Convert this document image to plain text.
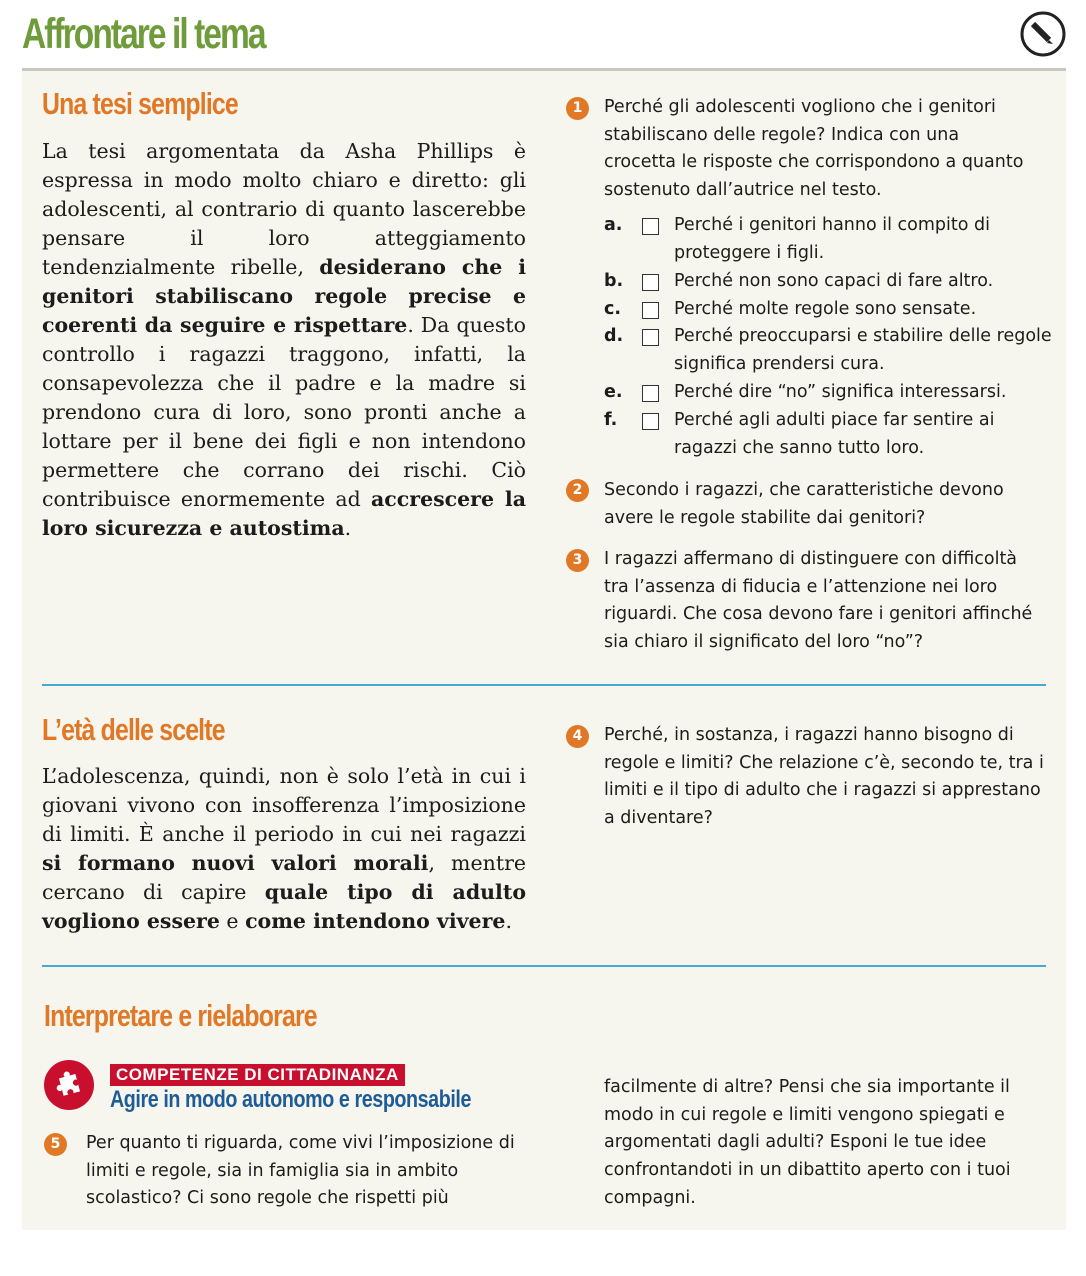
Affrontare il tema
Una tesi semplice

La tesi argomentata da Asha Phillips è espressa in modo molto chiaro e diretto: gli adolescenti, al contrario di quanto lascerebbe pensare il loro atteggiamento tendenzialmente ribelle, desiderano che i genitori stabiliscano regole precise e coerenti da seguire e rispettare. Da questo controllo i ragazzi traggono, infatti, la consapevolezza che il padre e la madre si prendono cura di loro, sono pronti anche a lottare per il bene dei figli e non intendono permettere che corrano dei rischi. Ciò contribuisce enormemente ad accrescere la loro sicurezza e autostima.

1	Perché gli adolescenti vogliono che i genitori stabiliscano delle regole? Indica con una crocetta le risposte che corrispondono a quanto sostenuto dall’autrice nel testo.

a.	Perché i genitori hanno il compito di proteggere i figli.
b.	Perché non sono capaci di fare altro.
c.	Perché molte regole sono sensate.
d.	Perché preoccuparsi e stabilire delle regole significa prendersi cura.
e.	Perché dire “no” significa interessarsi.
f.	Perché agli adulti piace far sentire ai ragazzi che sanno tutto loro.
2	Secondo i ragazzi, che caratteristiche devono avere le regole stabilite dai genitori?

3	I ragazzi affermano di distinguere con difficoltà tra l’assenza di fiducia e l’attenzione nei loro riguardi. Che cosa devono fare i genitori affinché sia chiaro il significato del loro “no”?

L’età delle scelte

L’adolescenza, quindi, non è solo l’età in cui i giovani vivono con insofferenza l’imposizione di limiti. È anche il periodo in cui nei ragazzi si formano nuovi valori morali, mentre cercano di capire quale tipo di adulto vogliono essere e come intendono vivere.

4	Perché, in sostanza, i ragazzi hanno bisogno di regole e limiti? Che relazione c’è, secondo te, tra i limiti e il tipo di adulto che i ragazzi si apprestano a diventare?

Interpretare e rielaborare
COMPETENZE DI CITTADINANZA
Agire in modo autonomo e responsabile
5	Per quanto ti riguarda, come vivi l’imposizione di limiti e regole, sia in famiglia sia in ambito scolastico? Ci sono regole che rispetti più

facilmente di altre? Pensi che sia importante il modo in cui regole e limiti vengono spiegati e argomentati dagli adulti? Esponi le tue idee confrontandoti in un dibattito aperto con i tuoi compagni.
